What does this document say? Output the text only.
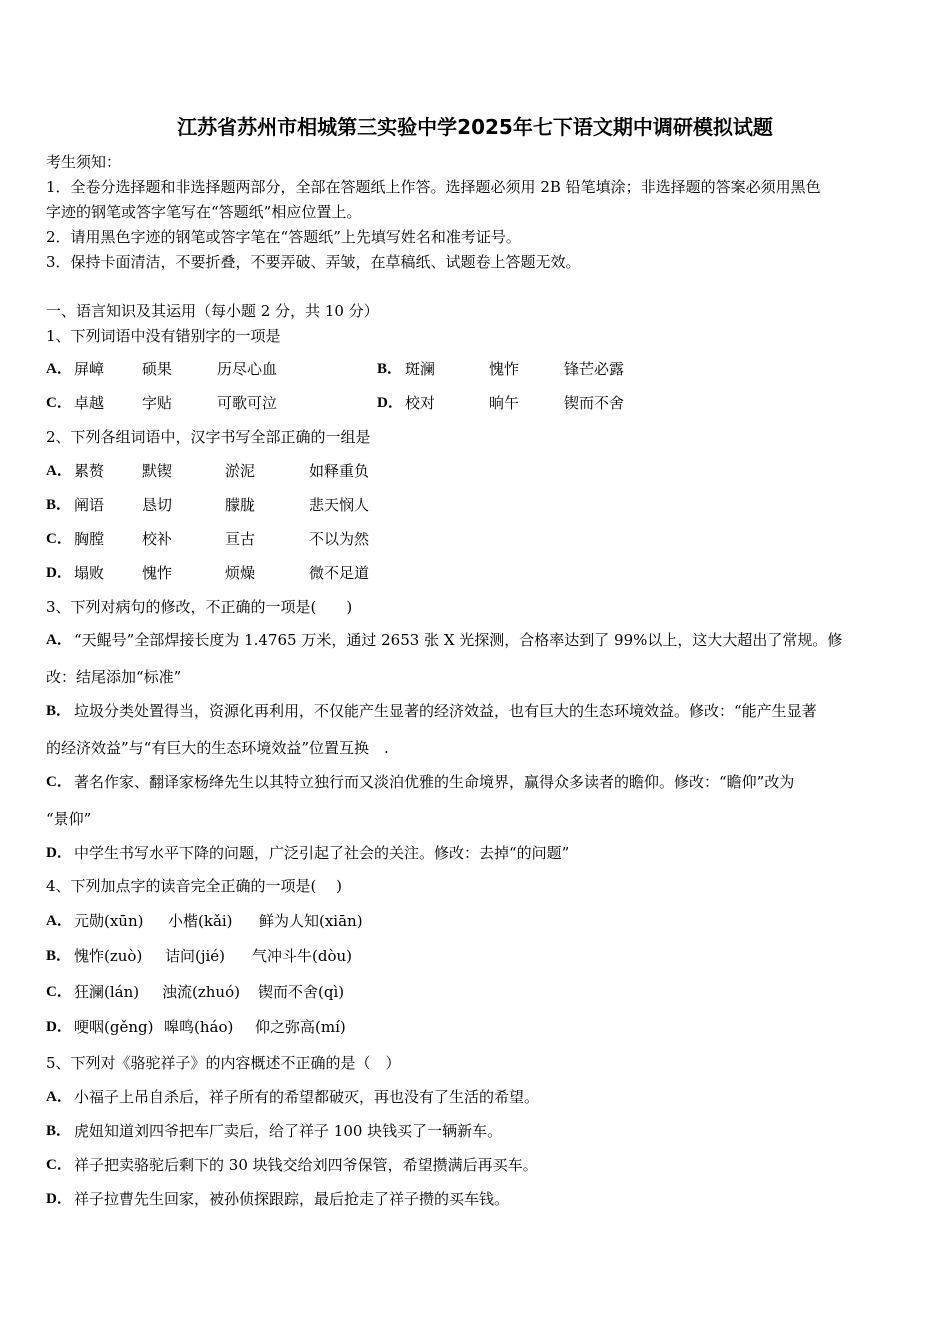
江苏省苏州市相城第三实验中学2025年七下语文期中调研模拟试题
考生须知：
1．全卷分选择题和非选择题两部分，全部在答题纸上作答。选择题必须用 2B 铅笔填涂；非选择题的答案必须用黑色
字迹的钢笔或答字笔写在“答题纸”相应位置上。
2．请用黑色字迹的钢笔或答字笔在“答题纸”上先填写姓名和准考证号。
3．保持卡面清洁，不要折叠，不要弄破、弄皱，在草稿纸、试题卷上答题无效。
一、语言知识及其运用（每小题 2 分，共 10 分）
1、下列词语中没有错别字的一项是
A． 屏嶂	硕果	历尽心血	B． 斑澜	愧怍	锋芒必露
C． 卓越	字贴	可歌可泣	D． 校对	晌午	锲而不舍
2、下列各组词语中，汉字书写全部正确的一组是
A． 累赘	默锲	淤泥	如释重负
B． 阐语	恳切	朦胧	悲天悯人
C． 胸膛	校补	亘古	不以为然
D． 塌败	愧怍	烦燥	微不足道
3、下列对病句的修改，不正确的一项是(　　)
A． “天鲲号”全部焊接长度为 1.4765 万米，通过 2653 张 X 光探测，合格率达到了 99%以上，这大大超出了常规。修
改：结尾添加“标准”
B． 垃圾分类处置得当，资源化再利用，不仅能产生显著的经济效益，也有巨大的生态环境效益。修改：“能产生显著
的经济效益”与“有巨大的生态环境效益”位置互换　.
C． 著名作家、翻译家杨绛先生以其特立独行而又淡泊优雅的生命境界，赢得众多读者的瞻仰。修改：“瞻仰”改为
“景仰”
D． 中学生书写水平下降的问题，广泛引起了社会的关注。修改：去掉“的问题”
4、下列加点字的读音完全正确的一项是(　 )
A． 元勋(xūn) 小楷(kǎi) 鲜为人知(xiān)
B． 愧怍(zuò) 诘问(jié) 气冲斗牛(dòu)
C． 狂澜(lán) 浊流(zhuó) 锲而不舍(qì)
D． 哽咽(gěng) 嗥鸣(háo) 仰之弥高(mí)
5、下列对《骆驼祥子》的内容概述不正确的是（　）
A． 小福子上吊自杀后，祥子所有的希望都破灭，再也没有了生活的希望。
B． 虎妞知道刘四爷把车厂卖后，给了祥子 100 块钱买了一辆新车。
C． 祥子把卖骆驼后剩下的 30 块钱交给刘四爷保管，希望攒满后再买车。
D． 祥子拉曹先生回家，被孙侦探跟踪，最后抢走了祥子攒的买车钱。
